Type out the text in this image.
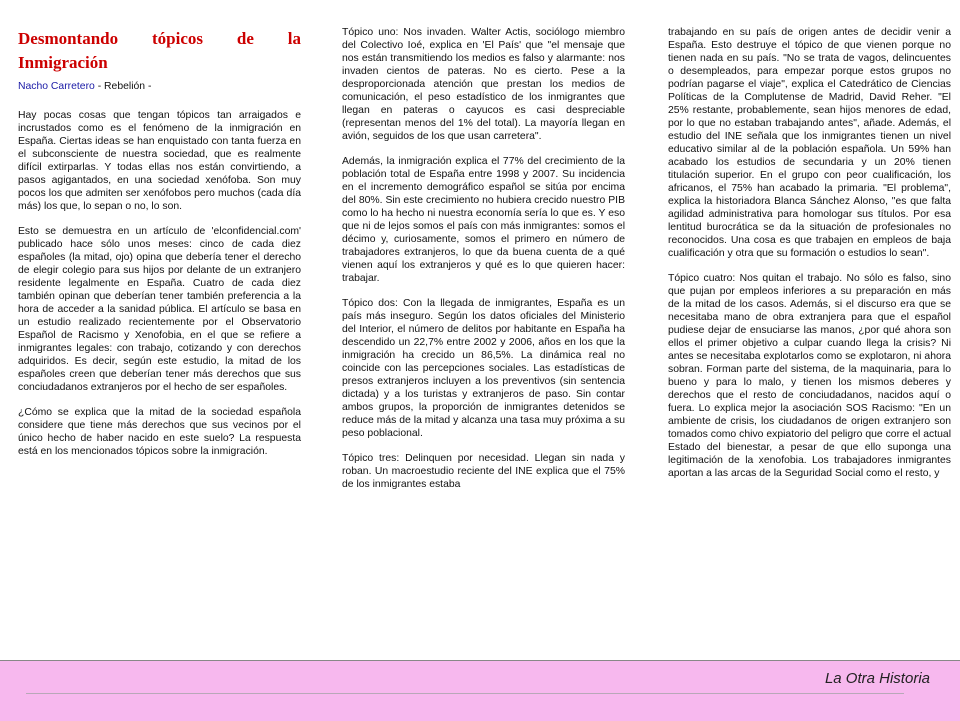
Desmontando tópicos de la
Inmigración
Nacho Carretero - Rebelión -

Hay pocas cosas que tengan tópicos tan arraigados e incrustados como es el fenómeno de la inmigración en España. Ciertas ideas se han enquistado con tanta fuerza en el subconsciente de nuestra sociedad, que es realmente difícil extirparlas. Y todas ellas nos están convirtiendo, a pasos agigantados, en una sociedad xenófoba. Son muy pocos los que admiten ser xenófobos pero muchos (cada día más) los que, lo sepan o no, lo son.

Esto se demuestra en un artículo de 'elconfidencial.com' publicado hace sólo unos meses: cinco de cada diez españoles (la mitad, ojo) opina que debería tener el derecho de elegir colegio para sus hijos por delante de un extranjero residente legalmente en España. Cuatro de cada diez también opinan que deberían tener también preferencia a la hora de acceder a la sanidad pública. El artículo se basa en un estudio realizado recientemente por el Observatorio Español de Racismo y Xenofobia, en el que se refiere a inmigrantes legales: con trabajo, cotizando y con derechos adquiridos. Es decir, según este estudio, la mitad de los españoles creen que deberían tener más derechos que sus conciudadanos extranjeros por el hecho de ser españoles.

¿Cómo se explica que la mitad de la sociedad española considere que tiene más derechos que sus vecinos por el único hecho de haber nacido en este suelo? La respuesta está en los mencionados tópicos sobre la inmigración.

Tópico uno: Nos invaden. Walter Actis, sociólogo miembro del Colectivo Ioé, explica en 'El País' que "el mensaje que nos están transmitiendo los medios es falso y alarmante: nos invaden cientos de pateras. No es cierto. Pese a la desproporcionada atención que prestan los medios de comunicación, el peso estadístico de los inmigrantes que llegan en pateras o cayucos es casi despreciable (representan menos del 1% del total). La mayoría llegan en avión, seguidos de los que usan carretera".

Además, la inmigración explica el 77% del crecimiento de la población total de España entre 1998 y 2007. Su incidencia en el incremento demográfico español se sitúa por encima del 80%. Sin este crecimiento no hubiera crecido nuestro PIB como lo ha hecho ni nuestra economía sería lo que es. Y eso que ni de lejos somos el país con más inmigrantes: somos el décimo y, curiosamente, somos el primero en número de trabajadores extranjeros, lo que da buena cuenta de a qué vienen aquí los extranjeros y qué es lo que quieren hacer: trabajar.

Tópico dos: Con la llegada de inmigrantes, España es un país más inseguro. Según los datos oficiales del Ministerio del Interior, el número de delitos por habitante en España ha descendido un 22,7% entre 2002 y 2006, años en los que la inmigración ha crecido un 86,5%. La dinámica real no coincide con las percepciones sociales. Las estadísticas de presos extranjeros incluyen a los preventivos (sin sentencia dictada) y a los turistas y extranjeros de paso. Sin contar ambos grupos, la proporción de inmigrantes detenidos se reduce más de la mitad y alcanza una tasa muy próxima a su peso poblacional.

Tópico tres: Delinquen por necesidad. Llegan sin nada y roban. Un macroestudio reciente del INE explica que el 75% de los inmigrantes estaba

trabajando en su país de origen antes de decidir venir a España. Esto destruye el tópico de que vienen porque no tienen nada en su país. "No se trata de vagos, delincuentes o desempleados, para empezar porque estos grupos no podrían pagarse el viaje", explica el Catedrático de Ciencias Políticas de la Complutense de Madrid, David Reher. "El 25% restante, probablemente, sean hijos menores de edad, por lo que no estaban trabajando antes", añade. Además, el estudio del INE señala que los inmigrantes tienen un nivel educativo similar al de la población española. Un 59% han acabado los estudios de secundaria y un 20% tienen titulación superior. En el grupo con peor cualificación, los africanos, el 75% han acabado la primaria. "El problema", explica la historiadora Blanca Sánchez Alonso, "es que falta agilidad administrativa para homologar sus títulos. Por esa lentitud burocrática se da la situación de profesionales no reconocidos. Una cosa es que trabajen en empleos de baja cualificación y otra que su formación o estudios lo sean".

Tópico cuatro: Nos quitan el trabajo. No sólo es falso, sino que pujan por empleos inferiores a su preparación en más de la mitad de los casos. Además, si el discurso era que se necesitaba mano de obra extranjera para que el español pudiese dejar de ensuciarse las manos, ¿por qué ahora son ellos el primer objetivo a culpar cuando llega la crisis? Ni antes se necesitaba explotarlos como se explotaron, ni ahora sobran. Forman parte del sistema, de la maquinaria, para lo bueno y para lo malo, y tienen los mismos deberes y derechos que el resto de conciudadanos, nacidos aquí o fuera. Lo explica mejor la asociación SOS Racismo: "En un ambiente de crisis, los ciudadanos de origen extranjero son tomados como chivo expiatorio del peligro que corre el actual Estado del bienestar, a pesar de que ello suponga una legitimación de la xenofobia. Los trabajadores inmigrantes aportan a las arcas de la Seguridad Social como el resto, y

La Otra Historia
